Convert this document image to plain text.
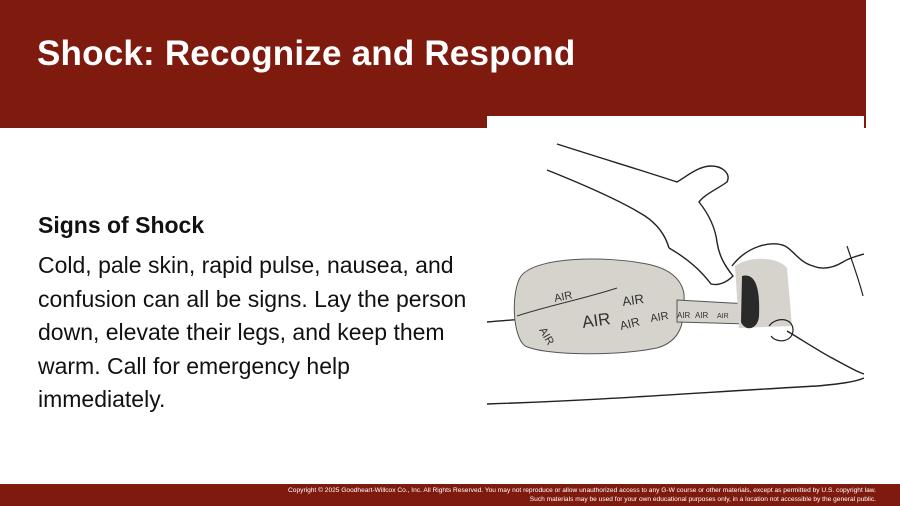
Shock: Recognize and Respond
AIR
AIR
AIR
AIR
AIR AIR AIR AIR AIR
Signs of Shock

Cold, pale skin, rapid pulse, nausea, and confusion can all be signs. Lay the person down, elevate their legs, and keep them warm. Call for emergency help immediately.

Copyright © 2025 Goodheart-Willcox Co., Inc. All Rights Reserved. You may not reproduce or allow unauthorized access to any G-W course or other materials, except as permitted by U.S. copyright law.
Such materials may be used for your own educational purposes only, in a location not accessible by the general public.
